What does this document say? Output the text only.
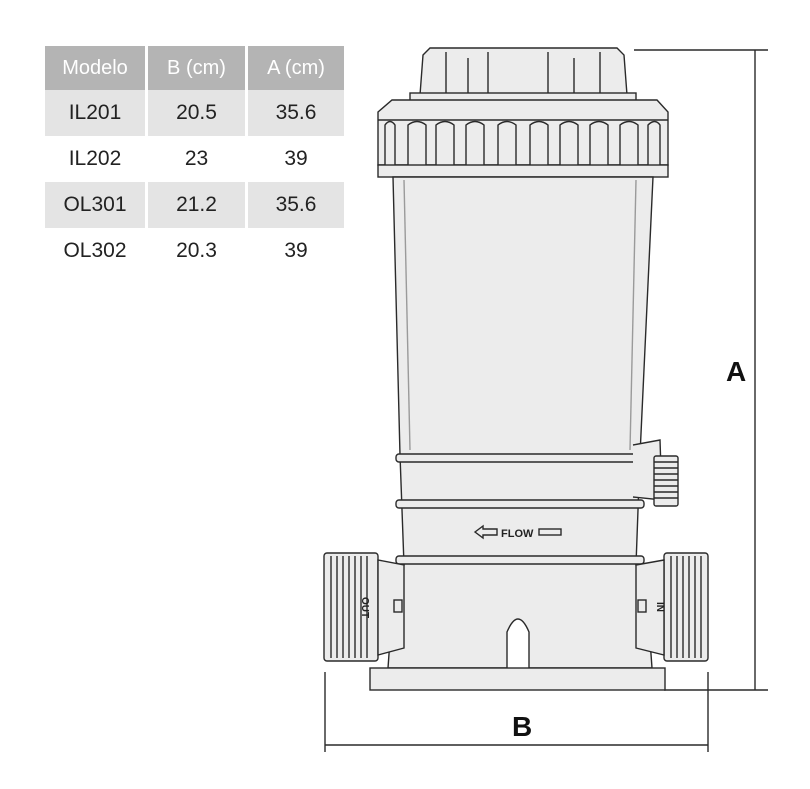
Modelo	B (cm)	A (cm)
IL201	20.5	35.6
IL202	23	39
OL301	21.2	35.6
OL302	20.3	39
FLOW
OUT	IN
A
B
